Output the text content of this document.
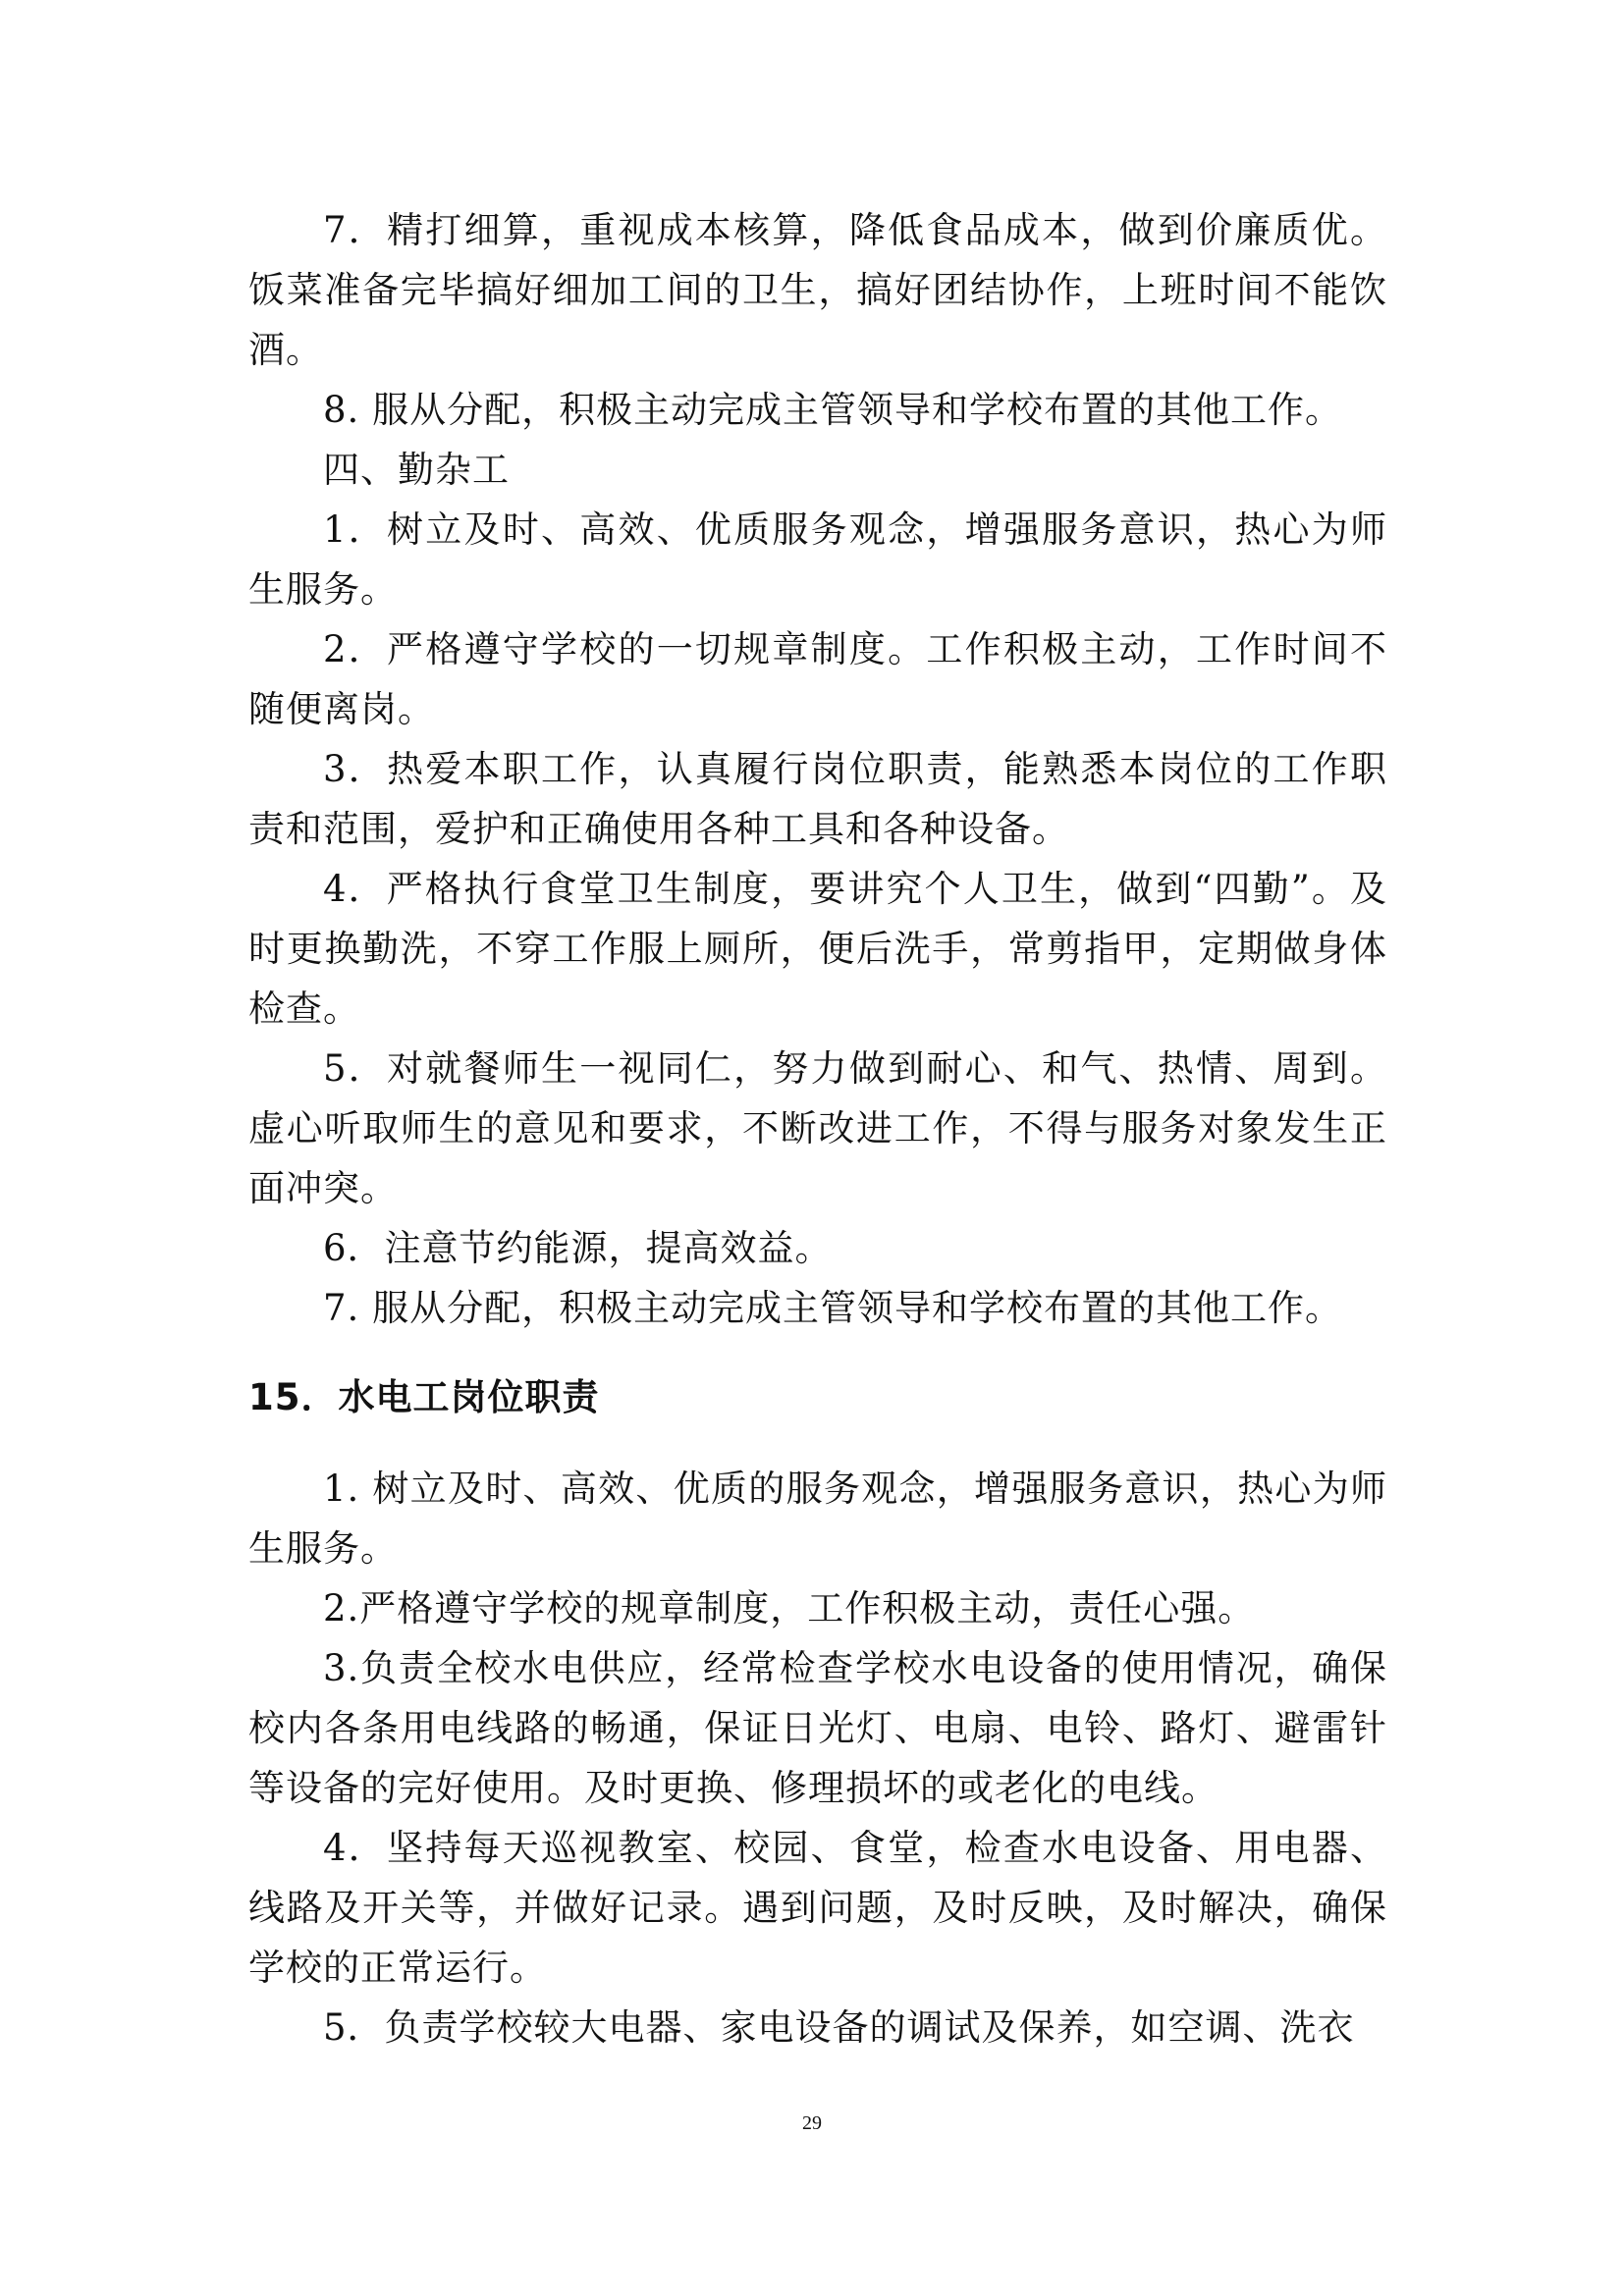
7．精打细算，重视成本核算，降低食品成本，做到价廉质优。饭菜准备完毕搞好细加工间的卫生，搞好团结协作，上班时间不能饮酒。

8. 服从分配，积极主动完成主管领导和学校布置的其他工作。

四、勤杂工

1．树立及时、高效、优质服务观念，增强服务意识，热心为师生服务。

2．严格遵守学校的一切规章制度。工作积极主动，工作时间不随便离岗。

3．热爱本职工作，认真履行岗位职责，能熟悉本岗位的工作职责和范围，爱护和正确使用各种工具和各种设备。

4．严格执行食堂卫生制度，要讲究个人卫生，做到“四勤”。及时更换勤洗，不穿工作服上厕所，便后洗手，常剪指甲，定期做身体检查。

5．对就餐师生一视同仁，努力做到耐心、和气、热情、周到。虚心听取师生的意见和要求，不断改进工作，不得与服务对象发生正面冲突。

6．注意节约能源，提高效益。

7. 服从分配，积极主动完成主管领导和学校布置的其他工作。

15．水电工岗位职责

1. 树立及时、高效、优质的服务观念，增强服务意识，热心为师生服务。

2.严格遵守学校的规章制度，工作积极主动，责任心强。

3.负责全校水电供应，经常检查学校水电设备的使用情况，确保校内各条用电线路的畅通，保证日光灯、电扇、电铃、路灯、避雷针等设备的完好使用。及时更换、修理损坏的或老化的电线。

4．坚持每天巡视教室、校园、食堂，检查水电设备、用电器、线路及开关等，并做好记录。遇到问题，及时反映，及时解决，确保学校的正常运行。

5．负责学校较大电器、家电设备的调试及保养，如空调、洗衣

29
